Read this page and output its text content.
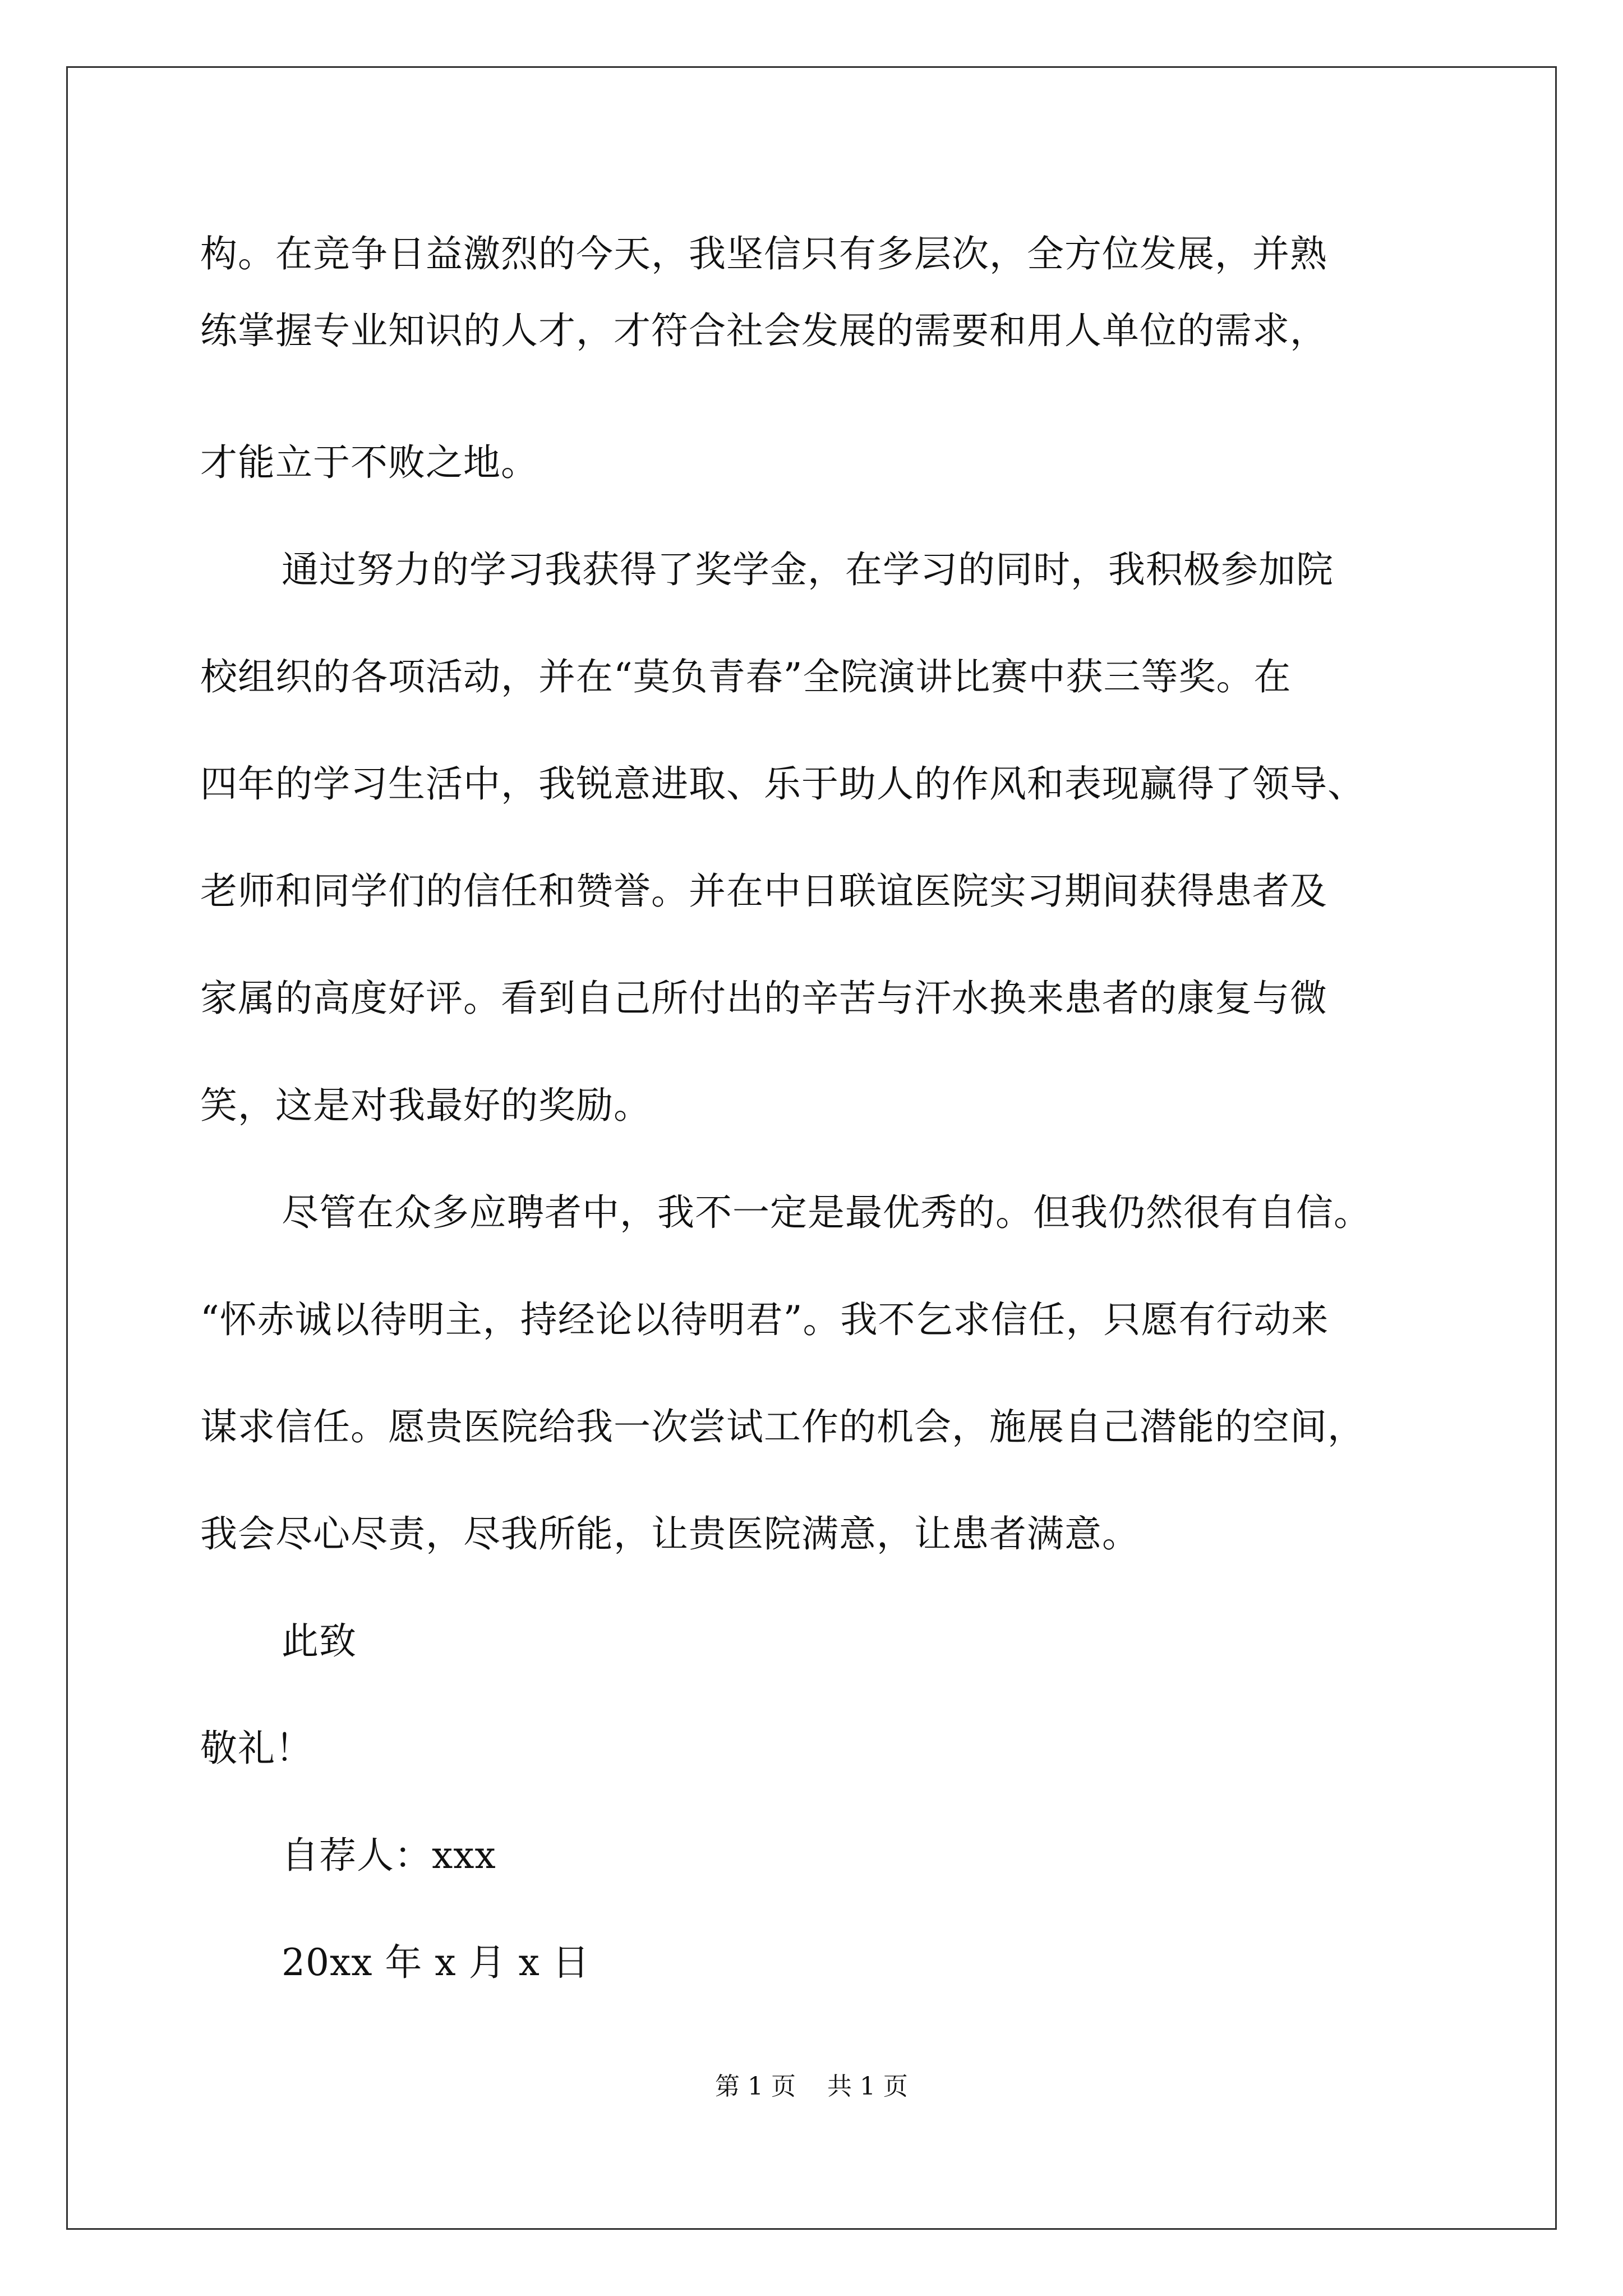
构。在竞争日益激烈的今天，我坚信只有多层次，全方位发展，并熟
练掌握专业知识的人才，才符合社会发展的需要和用人单位的需求，
才能立于不败之地。
通过努力的学习我获得了奖学金，在学习的同时，我积极参加院
校组织的各项活动，并在“莫负青春”全院演讲比赛中获三等奖。在
四年的学习生活中，我锐意进取、乐于助人的作风和表现赢得了领导、
老师和同学们的信任和赞誉。并在中日联谊医院实习期间获得患者及
家属的高度好评。看到自己所付出的辛苦与汗水换来患者的康复与微
笑，这是对我最好的奖励。
尽管在众多应聘者中，我不一定是最优秀的。但我仍然很有自信。
“怀赤诚以待明主，持经论以待明君”。我不乞求信任，只愿有行动来
谋求信任。愿贵医院给我一次尝试工作的机会，施展自己潜能的空间，
我会尽心尽责，尽我所能，让贵医院满意，让患者满意。
此致
敬礼！
自荐人：xxx
20xx 年 x 月 x 日
第 1 页    共 1 页
